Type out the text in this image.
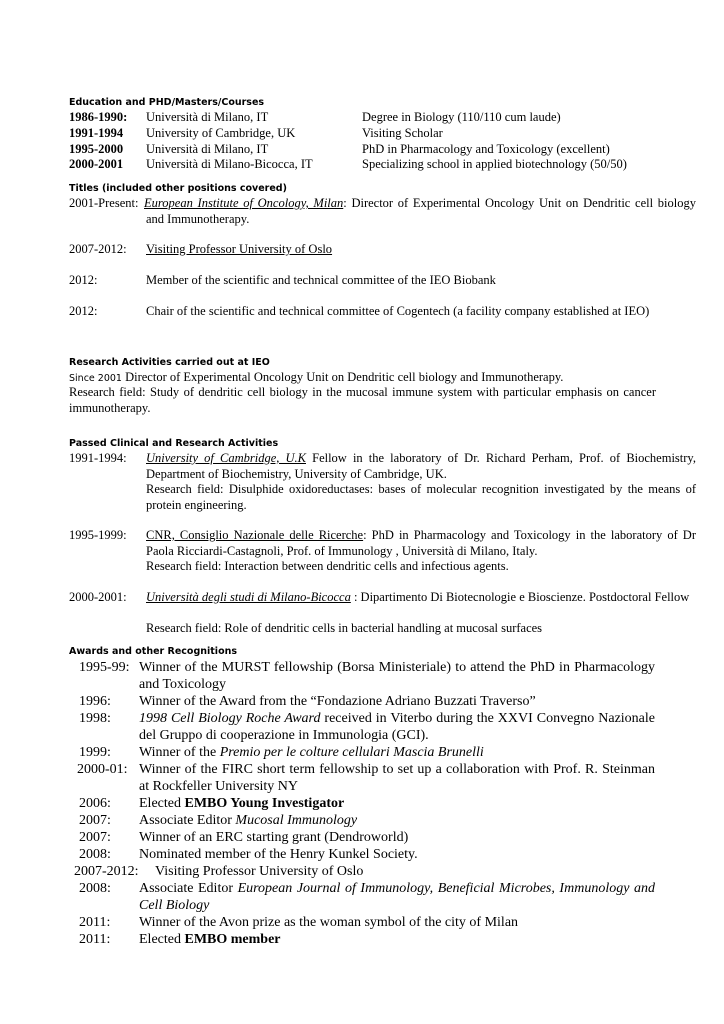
Education and PHD/Masters/Courses
1986-1990: Università di Milano, IT	Degree in Biology (110/110 cum laude)
1991-1994 University of Cambridge, UK	Visiting Scholar
1995-2000 Università di Milano, IT	PhD in Pharmacology and Toxicology (excellent)
2000-2001 Università di Milano-Bicocca, IT	Specializing school in applied biotechnology (50/50)
Titles (included other positions covered)
2001-Present: European Institute of Oncology, Milan: Director of Experimental Oncology Unit on Dendritic cell biology and Immunotherapy.
2007-2012: Visiting Professor University of Oslo
2012:	Member of the scientific and technical committee of the IEO Biobank
2012:	Chair of the scientific and technical committee of Cogentech (a facility company established at IEO)
Research Activities carried out at IEO
Since 2001 Director of Experimental Oncology Unit on Dendritic cell biology and Immunotherapy.
Research field: Study of dendritic cell biology in the mucosal immune system with particular emphasis on cancer immunotherapy.
Passed Clinical and Research Activities
1991-1994: University of Cambridge, U.K Fellow in the laboratory of Dr. Richard Perham, Prof. of Biochemistry, Department of Biochemistry, University of Cambridge, UK.
Research field: Disulphide oxidoreductases: bases of molecular recognition investigated by the means of protein engineering.
1995-1999: CNR, Consiglio Nazionale delle Ricerche: PhD in Pharmacology and Toxicology in the laboratory of Dr Paola Ricciardi-Castagnoli, Prof. of Immunology , Università di Milano, Italy.
Research field: Interaction between dendritic cells and infectious agents.
2000-2001: Università degli studi di Milano-Bicocca : Dipartimento Di Biotecnologie e Bioscienze. Postdoctoral Fellow
Research field: Role of dendritic cells in bacterial handling at mucosal surfaces
Awards and other Recognitions
1995-99: Winner of the MURST fellowship (Borsa Ministeriale) to attend the PhD in Pharmacology and Toxicology
1996: Winner of the Award from the “Fondazione Adriano Buzzati Traverso”
1998: 1998 Cell Biology Roche Award received in Viterbo during the XXVI Convegno Nazionale del Gruppo di cooperazione in Immunologia (GCI).
1999: Winner of the Premio per le colture cellulari Mascia Brunelli
2000-01: Winner of the FIRC short term fellowship to set up a collaboration with Prof. R. Steinman at Rockfeller University NY
2006: Elected EMBO Young Investigator
2007: Associate Editor Mucosal Immunology
2007: Winner of an ERC starting grant (Dendroworld)
2008: Nominated member of the Henry Kunkel Society.
2007-2012: Visiting Professor University of Oslo
2008: Associate Editor European Journal of Immunology, Beneficial Microbes, Immunology and Cell Biology
2011: Winner of the Avon prize as the woman symbol of the city of Milan
2011: Elected EMBO member
